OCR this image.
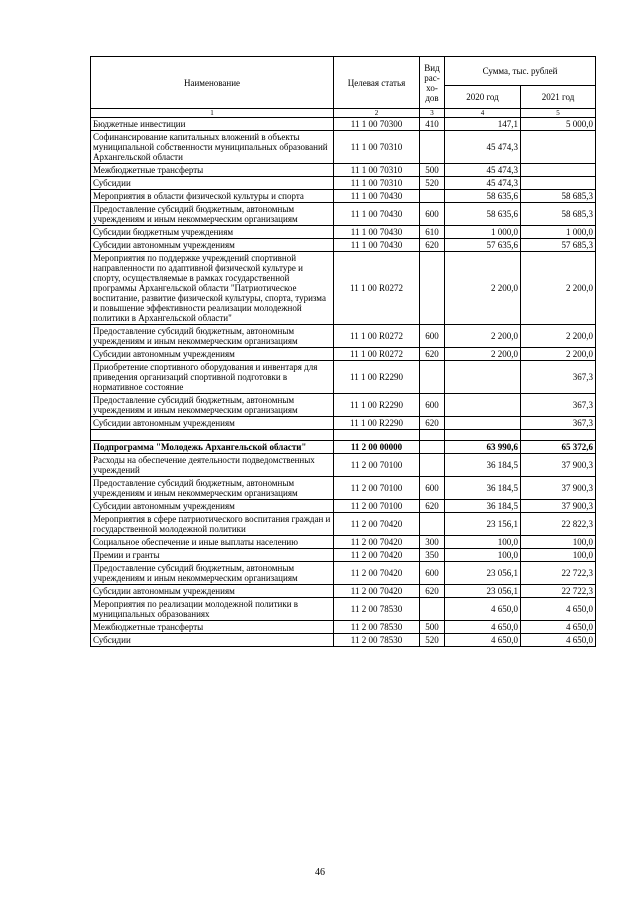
Наименование	Целевая статья	Вид рас- хо- дов	Сумма, тыс. рублей	
			2020 год	2021 год
1	2	3	4	5
Бюджетные инвестиции	11 1 00 70300	410	147,1	5 000,0
Софинансирование капитальных вложений в объекты муниципальной собственности муниципальных образований Архангельской области	11 1 00 70310		45 474,3	
Межбюджетные трансферты	11 1 00 70310	500	45 474,3	
Субсидии	11 1 00 70310	520	45 474,3	
Мероприятия в области физической культуры и спорта	11 1 00 70430		58 635,6	58 685,3
Предоставление субсидий бюджетным, автономным учреждениям и иным некоммерческим организациям	11 1 00 70430	600	58 635,6	58 685,3
Субсидии бюджетным учреждениям	11 1 00 70430	610	1 000,0	1 000,0
Субсидии автономным учреждениям	11 1 00 70430	620	57 635,6	57 685,3
Мероприятия по поддержке учреждений спортивной направленности по адаптивной физической культуре и спорту, осуществляемые в рамках государственной программы Архангельской области "Патриотическое воспитание, развитие физической культуры, спорта, туризма и повышение эффективности реализации молодежной политики в Архангельской области"	11 1 00 R0272		2 200,0	2 200,0
Предоставление субсидий бюджетным, автономным учреждениям и иным некоммерческим организациям	11 1 00 R0272	600	2 200,0	2 200,0
Субсидии автономным учреждениям	11 1 00 R0272	620	2 200,0	2 200,0
Приобретение спортивного оборудования и инвентаря для приведения организаций спортивной подготовки в нормативное состояние	11 1 00 R2290			367,3
Предоставление субсидий бюджетным, автономным учреждениям и иным некоммерческим организациям	11 1 00 R2290	600		367,3
Субсидии автономным учреждениям	11 1 00 R2290	620		367,3

Подпрограмма "Молодежь Архангельской области"	11 2 00 00000		63 990,6	65 372,6
Расходы на обеспечение деятельности подведомственных учреждений	11 2 00 70100		36 184,5	37 900,3
Предоставление субсидий бюджетным, автономным учреждениям и иным некоммерческим организациям	11 2 00 70100	600	36 184,5	37 900,3
Субсидии автономным учреждениям	11 2 00 70100	620	36 184,5	37 900,3
Мероприятия в сфере патриотического воспитания граждан и государственной молодежной политики	11 2 00 70420		23 156,1	22 822,3
Социальное обеспечение и иные выплаты населению	11 2 00 70420	300	100,0	100,0
Премии и гранты	11 2 00 70420	350	100,0	100,0
Предоставление субсидий бюджетным, автономным учреждениям и иным некоммерческим организациям	11 2 00 70420	600	23 056,1	22 722,3
Субсидии автономным учреждениям	11 2 00 70420	620	23 056,1	22 722,3
Мероприятия по реализации молодежной политики в муниципальных образованиях	11 2 00 78530		4 650,0	4 650,0
Межбюджетные трансферты	11 2 00 78530	500	4 650,0	4 650,0
Субсидии	11 2 00 78530	520	4 650,0	4 650,0
46
